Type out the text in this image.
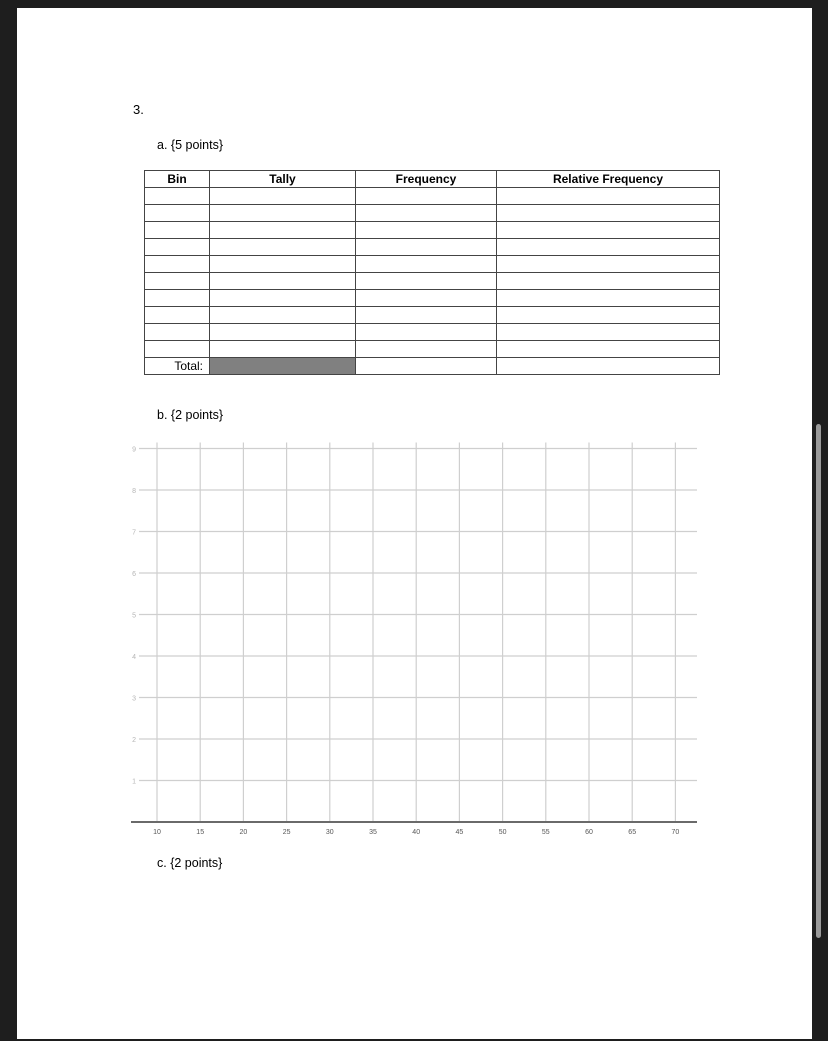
3.
a. {5 points}
Bin	Tally	Frequency	Relative Frequency

Total:			
b. {2 points}
1
2
3
4
5
6
7
8
9
10	15	20	25	30	35	40	45	50	55	60	65	70
c. {2 points}
